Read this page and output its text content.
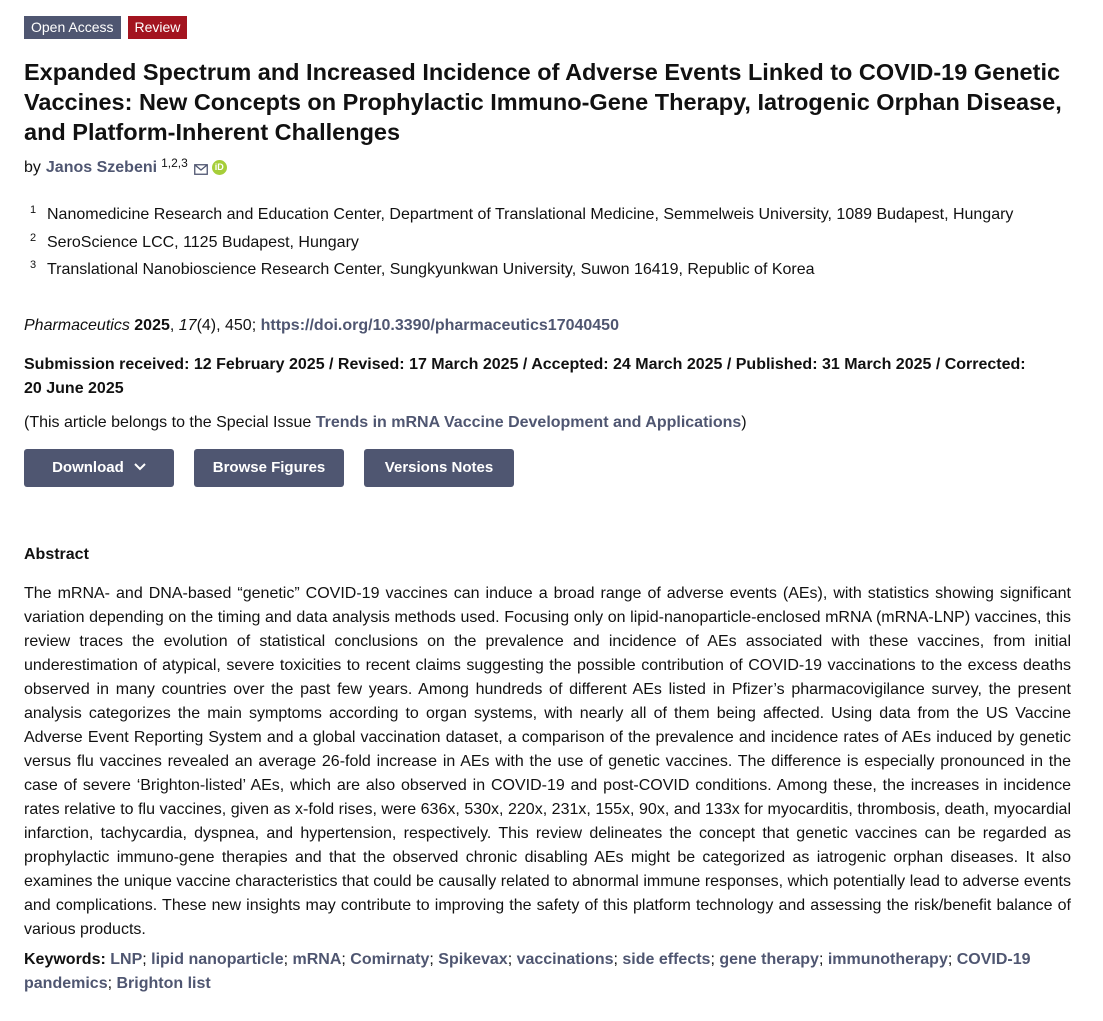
Open Access	Review
Expanded Spectrum and Increased Incidence of Adverse Events Linked to COVID-19 Genetic Vaccines: New Concepts on Prophylactic Immuno-Gene Therapy, Iatrogenic Orphan Disease, and Platform-Inherent Challenges
by Janos Szebeni $^{1,2,3}$	iD
1 Nanomedicine Research and Education Center, Department of Translational Medicine, Semmelweis University, 1089 Budapest, Hungary
2 SeroScience LCC, 1125 Budapest, Hungary
3 Translational Nanobioscience Research Center, Sungkyunkwan University, Suwon 16419, Republic of Korea
Pharmaceutics 2025, 17(4), 450; https://doi.org/10.3390/pharmaceutics17040450
Submission received: 12 February 2025 / Revised: 17 March 2025 / Accepted: 24 March 2025 / Published: 31 March 2025 / Corrected: 20 June 2025
(This article belongs to the Special Issue Trends in mRNA Vaccine Development and Applications)
Download	Browse Figures	Versions Notes
Abstract

The mRNA- and DNA-based “genetic” COVID-19 vaccines can induce a broad range of adverse events (AEs), with statistics showing significant variation depending on the timing and data analysis methods used. Focusing only on lipid-nanoparticle-enclosed mRNA (mRNA-LNP) vaccines, this review traces the evolution of statistical conclusions on the prevalence and incidence of AEs associated with these vaccines, from initial underestimation of atypical, severe toxicities to recent claims suggesting the possible contribution of COVID-19 vaccinations to the excess deaths observed in many countries over the past few years. Among hundreds of different AEs listed in Pfizer’s pharmacovigilance survey, the present analysis categorizes the main symptoms according to organ systems, with nearly all of them being affected. Using data from the US Vaccine Adverse Event Reporting System and a global vaccination dataset, a comparison of the prevalence and incidence rates of AEs induced by genetic versus flu vaccines revealed an average 26-fold increase in AEs with the use of genetic vaccines. The difference is especially pronounced in the case of severe ‘Brighton-listed’ AEs, which are also observed in COVID-19 and post-COVID conditions. Among these, the increases in incidence rates relative to flu vaccines, given as x-fold rises, were 636x, 530x, 220x, 231x, 155x, 90x, and 133x for myocarditis, thrombosis, death, myocardial infarction, tachycardia, dyspnea, and hypertension, respectively. This review delineates the concept that genetic vaccines can be regarded as prophylactic immuno-gene therapies and that the observed chronic disabling AEs might be categorized as iatrogenic orphan diseases. It also examines the unique vaccine characteristics that could be causally related to abnormal immune responses, which potentially lead to adverse events and complications. These new insights may contribute to improving the safety of this platform technology and assessing the risk/benefit balance of various products.

Keywords: LNP; lipid nanoparticle; mRNA; Comirnaty; Spikevax; vaccinations; side effects; gene therapy; immunotherapy; COVID-19 pandemics; Brighton list
